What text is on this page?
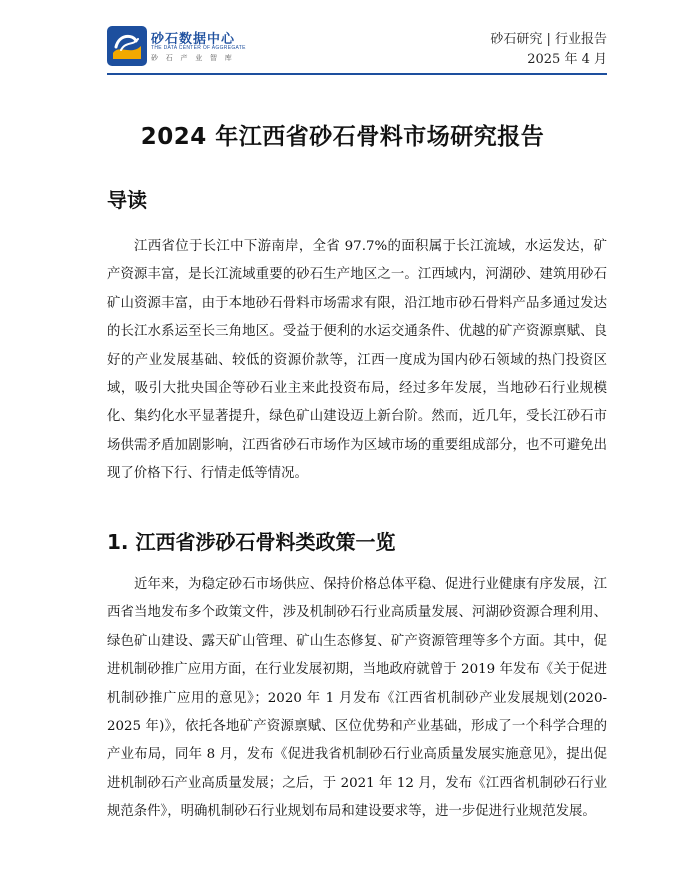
砂石数据中心
THE DATA CENTER OF AGGREGATE
砂 石 产 业 智 库
砂石研究 | 行业报告
2025 年 4 月
2024 年江西省砂石骨料市场研究报告
导读
江西省位于长江中下游南岸，全省 97.7%的面积属于长江流域，水运发达，矿产资源丰富，是长江流域重要的砂石生产地区之一。江西域内，河湖砂、建筑用砂石矿山资源丰富，由于本地砂石骨料市场需求有限，沿江地市砂石骨料产品多通过发达的长江水系运至长三角地区。受益于便利的水运交通条件、优越的矿产资源禀赋、良好的产业发展基础、较低的资源价款等，江西一度成为国内砂石领域的热门投资区域，吸引大批央国企等砂石业主来此投资布局，经过多年发展，当地砂石行业规模化、集约化水平显著提升，绿色矿山建设迈上新台阶。然而，近几年，受长江砂石市场供需矛盾加剧影响，江西省砂石市场作为区域市场的重要组成部分，也不可避免出现了价格下行、行情走低等情况。
1. 江西省涉砂石骨料类政策一览
近年来，为稳定砂石市场供应、保持价格总体平稳、促进行业健康有序发展，江西省当地发布多个政策文件，涉及机制砂石行业高质量发展、河湖砂资源合理利用、绿色矿山建设、露天矿山管理、矿山生态修复、矿产资源管理等多个方面。其中，促进机制砂推广应用方面，在行业发展初期，当地政府就曾于 2019 年发布《关于促进机制砂推广应用的意见》；2020 年 1 月发布《江西省机制砂产业发展规划(2020-2025 年)》，依托各地矿产资源禀赋、区位优势和产业基础，形成了一个科学合理的产业布局，同年 8 月，发布《促进我省机制砂石行业高质量发展实施意见》，提出促进机制砂石产业高质量发展；之后，于 2021 年 12 月，发布《江西省机制砂石行业规范条件》，明确机制砂石行业规划布局和建设要求等，进一步促进行业规范发展。
